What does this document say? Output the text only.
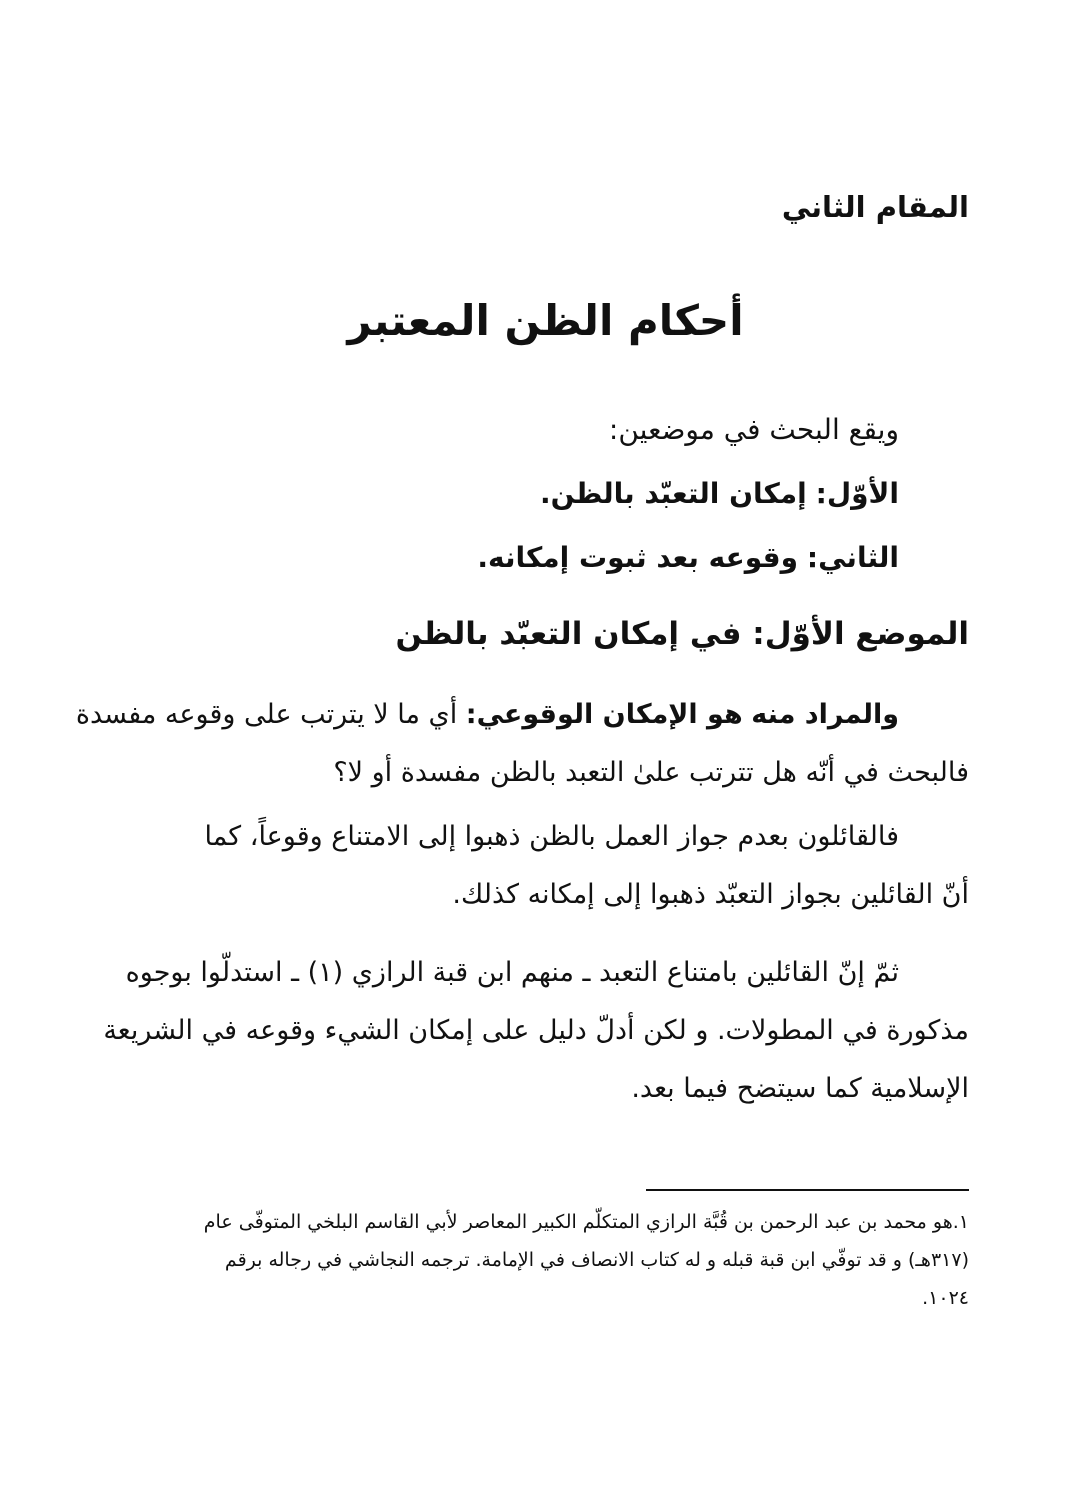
المقام الثاني
أحكام الظن المعتبر
ويقع البحث في موضعين:
الأوّل: إمكان التعبّد بالظن.
الثاني: وقوعه بعد ثبوت إمكانه.
الموضع الأوّل: في إمكان التعبّد بالظن
والمراد منه هو الإمكان الوقوعي: أي ما لا يترتب على وقوعه مفسدة
فالبحث في أنّه هل تترتب علىٰ التعبد بالظن مفسدة أو لا؟
فالقائلون بعدم جواز العمل بالظن ذهبوا إلى الامتناع وقوعاً، كما
أنّ القائلين بجواز التعبّد ذهبوا إلى إمكانه كذلك.
ثمّ إنّ القائلين بامتناع التعبد ـ منهم ابن قبة الرازي (١) ـ استدلّوا بوجوه
مذكورة في المطولات. و لكن أدلّ دليل على إمكان الشيء وقوعه في الشريعة
الإسلامية كما سيتضح فيما بعد.
١.هو محمد بن عبد الرحمن بن قُبَّة الرازي المتكلّم الكبير المعاصر لأبي القاسم البلخي المتوفّى عام
(٣١٧هـ) و قد توفّي ابن قبة قبله و له كتاب الانصاف في الإمامة. ترجمه النجاشي في رجاله برقم
١٠٢٤.
